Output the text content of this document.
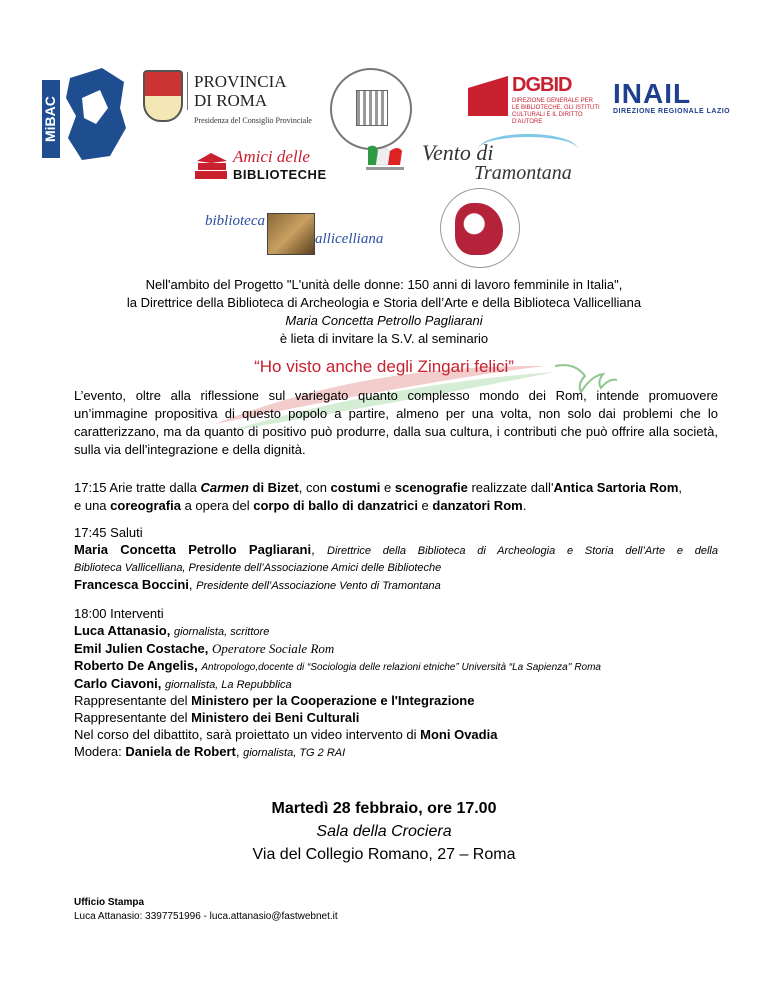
MiBAC
PROVINCIA
DI ROMA
Presidenza del Consiglio Provinciale
DGBID
DIREZIONE GENERALE PER LE BIBLIOTECHE, GLI ISTITUTI CULTURALI E IL DIRITTO D'AUTORE
INAIL
DIREZIONE REGIONALE LAZIO
Amici delle
BIBLIOTECHE
Vento di
Tramontana
biblioteca
allicelliana
Nell'ambito del Progetto "L'unità delle donne: 150 anni di lavoro femminile in Italia",
la Direttrice della Biblioteca di Archeologia e Storia dell’Arte e della Biblioteca Vallicelliana
Maria Concetta Petrollo Pagliarani
è lieta di invitare la S.V. al seminario
“Ho visto anche degli Zingari felici”
L’evento, oltre alla riflessione sul variegato quanto complesso mondo dei Rom, intende promuovere un’immagine propositiva di questo popolo a partire, almeno per una volta, non solo dai problemi che lo caratterizzano, ma da quanto di positivo può produrre, dalla sua cultura, i contributi che può offrire alla società, sulla via dell'integrazione e della dignità.
17:15 Arie tratte dalla Carmen di Bizet, con costumi e scenografie realizzate dall'Antica Sartoria Rom,
e una coreografia a opera del corpo di ballo di danzatrici e danzatori Rom.
17:45 Saluti
Maria Concetta Petrollo Pagliarani, Direttrice della Biblioteca di Archeologia e Storia dell’Arte e della
Biblioteca Vallicelliana, Presidente dell’Associazione Amici delle Biblioteche
Francesca Boccini, Presidente dell’Associazione Vento di Tramontana
18:00 Interventi
Luca Attanasio, giornalista, scrittore
Emil Julien Costache, Operatore Sociale Rom
Roberto De Angelis, Antropologo,docente di “Sociologia delle relazioni etniche” Università “La Sapienza'' Roma
Carlo Ciavoni, giornalista, La Repubblica
Rappresentante del Ministero per la Cooperazione e l'Integrazione
Rappresentante del Ministero dei Beni Culturali
Nel corso del dibattito, sarà proiettato un video intervento di Moni Ovadia
Modera: Daniela de Robert, giornalista, TG 2 RAI
Martedì 28 febbraio, ore 17.00
Sala della Crociera
Via del Collegio Romano, 27 – Roma
Ufficio Stampa
Luca Attanasio: 3397751996 - luca.attanasio@fastwebnet.it
